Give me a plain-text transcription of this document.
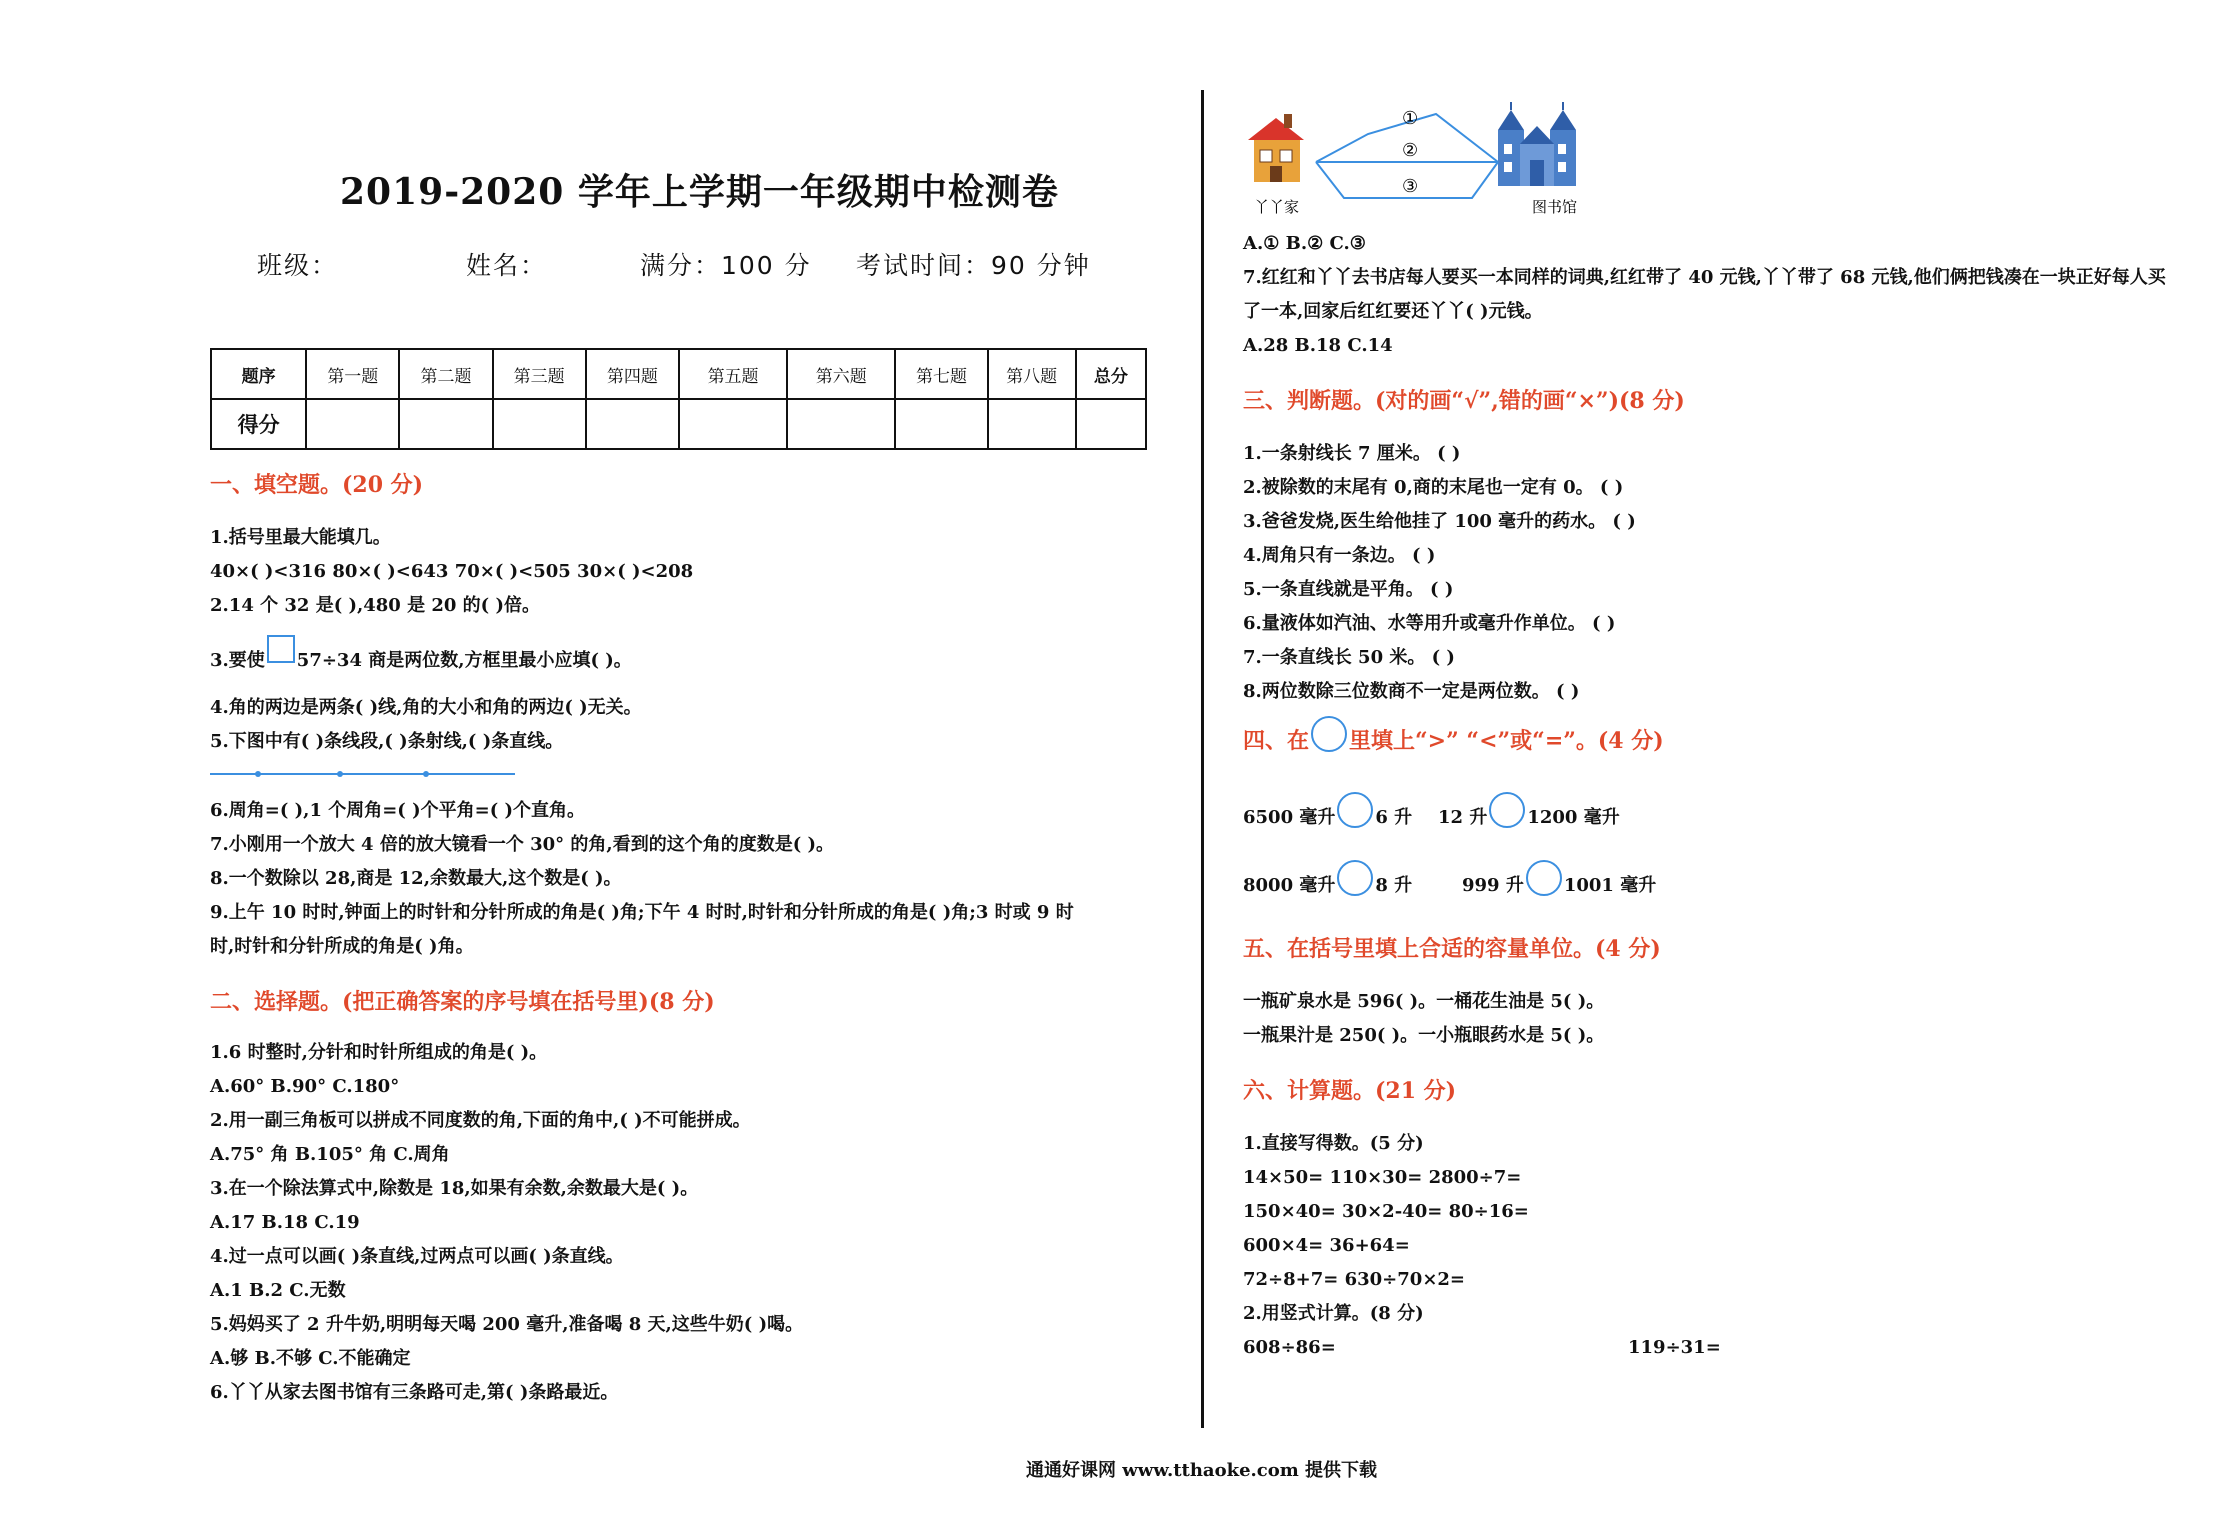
2019-2020 学年上学期一年级期中检测卷
班级：	姓名：	满分：100 分 考试时间：90 分钟
题序	第一题	第二题	第三题	第四题	第五题	第六题	第七题	第八题	总分
得分									
一、填空题。(20 分)
1.括号里最大能填几。
40×( )<316 80×( )<643 70×( )<505 30×( )<208
2.14 个 32 是( ),480 是 20 的( )倍。
3.要使 57÷34 商是两位数,方框里最小应填( )。
4.角的两边是两条( )线,角的大小和角的两边( )无关。
5.下图中有( )条线段,( )条射线,( )条直线。
6.周角=( ),1 个周角=( )个平角=( )个直角。
7.小刚用一个放大 4 倍的放大镜看一个 30° 的角,看到的这个角的度数是( )。
8.一个数除以 28,商是 12,余数最大,这个数是( )。
9.上午 10 时时,钟面上的时针和分针所成的角是( )角;下午 4 时时,时针和分针所成的角是( )角;3 时或 9 时
时,时针和分针所成的角是( )角。
二、选择题。(把正确答案的序号填在括号里)(8 分)
1.6 时整时,分针和时针所组成的角是( )。
A.60° B.90° C.180°
2.用一副三角板可以拼成不同度数的角,下面的角中,( )不可能拼成。
A.75° 角 B.105° 角 C.周角
3.在一个除法算式中,除数是 18,如果有余数,余数最大是( )。
A.17 B.18 C.19
4.过一点可以画( )条直线,过两点可以画( )条直线。
A.1 B.2 C.无数
5.妈妈买了 2 升牛奶,明明每天喝 200 毫升,准备喝 8 天,这些牛奶( )喝。
A.够 B.不够 C.不能确定
6.丫丫从家去图书馆有三条路可走,第( )条路最近。
①
②
③
丫丫家	图书馆
A.① B.② C.③
7.红红和丫丫去书店每人要买一本同样的词典,红红带了 40 元钱,丫丫带了 68 元钱,他们俩把钱凑在一块正好每人买
了一本,回家后红红要还丫丫( )元钱。
A.28 B.18 C.14
三、判断题。(对的画“√”,错的画“×”)(8 分)
1.一条射线长 7 厘米。 ( )
2.被除数的末尾有 0,商的末尾也一定有 0。 ( )
3.爸爸发烧,医生给他挂了 100 毫升的药水。 ( )
4.周角只有一条边。 ( )
5.一条直线就是平角。 ( )
6.量液体如汽油、水等用升或毫升作单位。 ( )
7.一条直线长 50 米。 ( )
8.两位数除三位数商不一定是两位数。 ( )
四、在 里填上“>” “<”或“=”。(4 分)
6500 毫升 6 升 12 升 1200 毫升
8000 毫升 8 升	999 升 1001 毫升
五、在括号里填上合适的容量单位。(4 分)
一瓶矿泉水是 596( )。一桶花生油是 5( )。
一瓶果汁是 250( )。一小瓶眼药水是 5( )。
六、计算题。(21 分)
1.直接写得数。(5 分)
14×50= 110×30= 2800÷7=
150×40= 30×2-40= 80÷16=
600×4= 36+64=
72÷8+7= 630÷70×2=
2.用竖式计算。(8 分)
608÷86=	119÷31=
通通好课网 www.tthaoke.com 提供下载
